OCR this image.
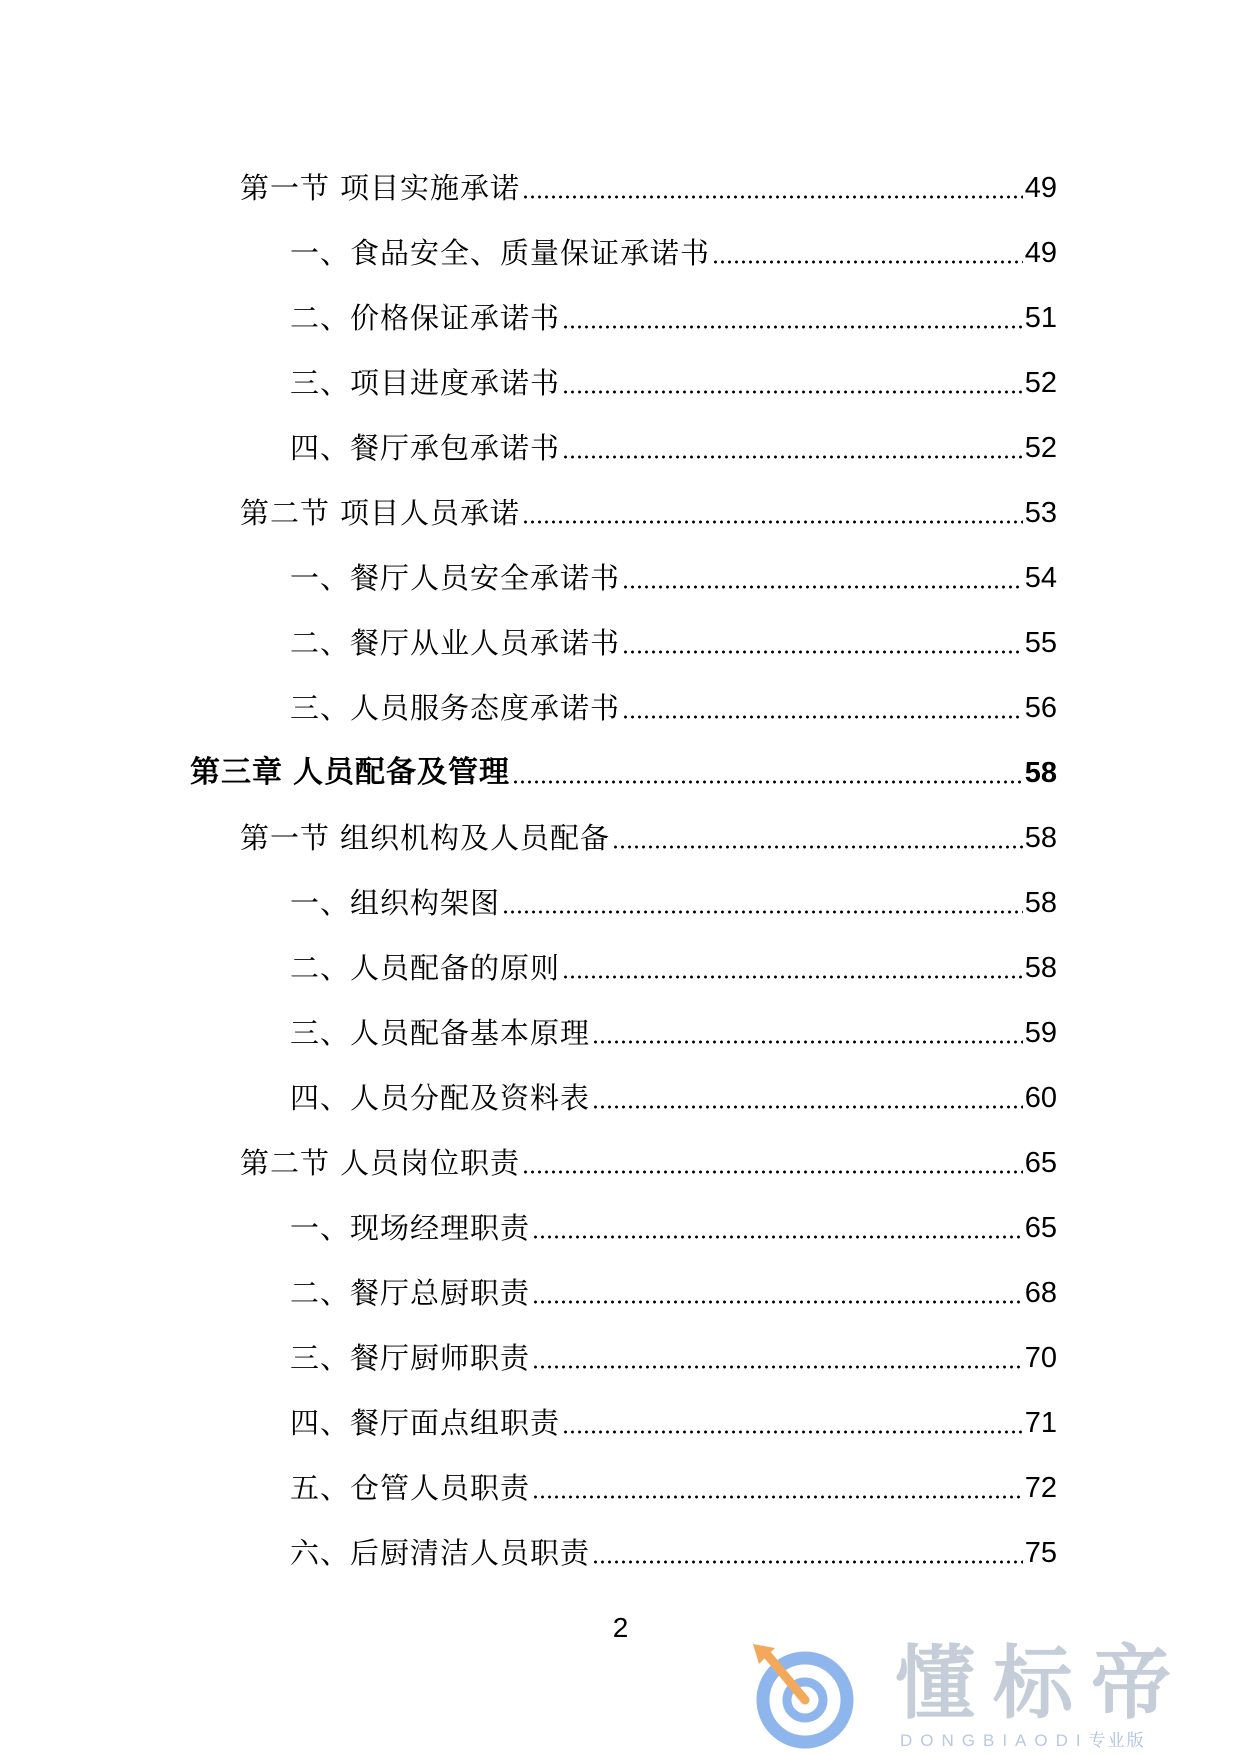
第一节 项目实施承诺	49
一、食品安全、质量保证承诺书	49
二、价格保证承诺书	51
三、项目进度承诺书	52
四、餐厅承包承诺书	52
第二节 项目人员承诺	53
一、餐厅人员安全承诺书	54
二、餐厅从业人员承诺书	55
三、人员服务态度承诺书	56
第三章 人员配备及管理	58
第一节 组织机构及人员配备	58
一、组织构架图	58
二、人员配备的原则	58
三、人员配备基本原理	59
四、人员分配及资料表	60
第二节 人员岗位职责	65
一、现场经理职责	65
二、餐厅总厨职责	68
三、餐厅厨师职责	70
四、餐厅面点组职责	71
五、仓管人员职责	72
六、后厨清洁人员职责	75
2
懂标帝
DONGBIAODI专业版
